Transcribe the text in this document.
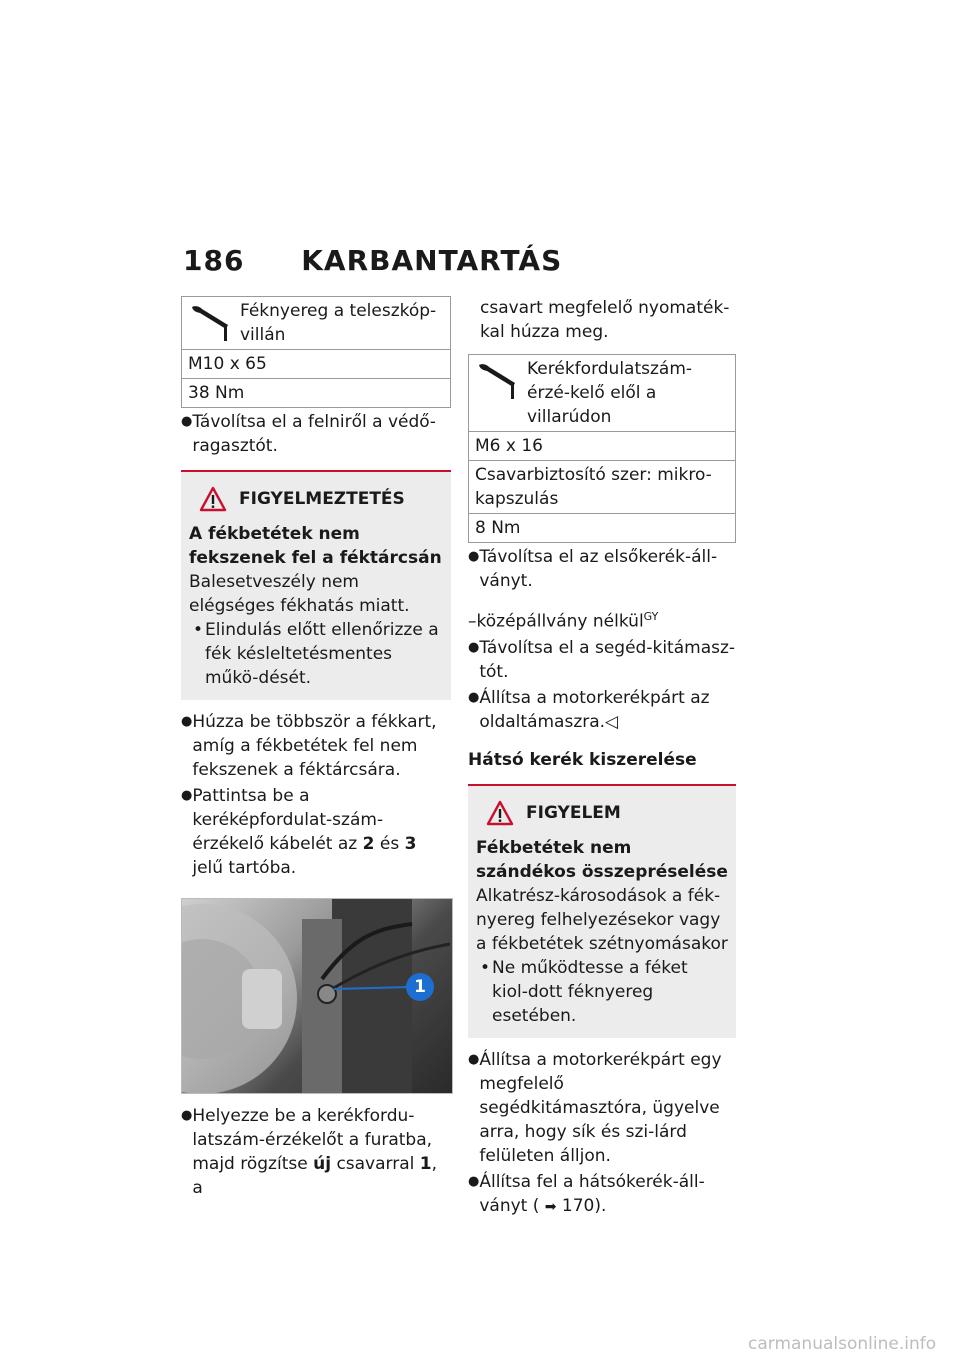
186 KARBANTARTÁS
Féknyereg a teleszkóp-villán

M10 x 65
38 Nm
● Távolítsa el a felniről a védő-ragasztót.
FIGYELMEZTETÉS
A fékbetétek nem fekszenek fel a féktárcsán
Balesetveszély nem elégséges fékhatás miatt.
• Elindulás előtt ellenőrizze a fék késleltetésmentes műkö-dését.
● Húzza be többször a fékkart, amíg a fékbetétek fel nem fekszenek a féktárcsára.
● Pattintsa be a keréképfordulat-szám-érzékelő kábelét az 2 és 3 jelű tartóba.
1
● Helyezze be a kerékfordu-latszám-érzékelőt a furatba, majd rögzítse új csavarral 1, a
csavart megfelelő nyomaték-kal húzza meg.
Kerékfordulatszám-érzé-kelő elől a villarúdon

M6 x 16
Csavarbiztosító szer: mikro-kapszulás
8 Nm
● Távolítsa el az elsőkerék-áll-ványt.
–középállvány nélkül$^{GY}$
● Távolítsa el a segéd-kitámasz-tót.
● Állítsa a motorkerékpárt az oldaltámaszra.◁
Hátsó kerék kiszerelése
FIGYELEM
Fékbetétek nem szándékos összepréselése
Alkatrész-károsodások a fék-nyereg felhelyezésekor vagy a fékbetétek szétnyomásakor
• Ne működtesse a féket kiol-dott féknyereg esetében.
● Állítsa a motorkerékpárt egy megfelelő segédkitámasztóra, ügyelve arra, hogy sík és szi-lárd felületen álljon.
● Állítsa fel a hátsókerék-áll-ványt ( ➡ 170).
carmanualsonline.info
